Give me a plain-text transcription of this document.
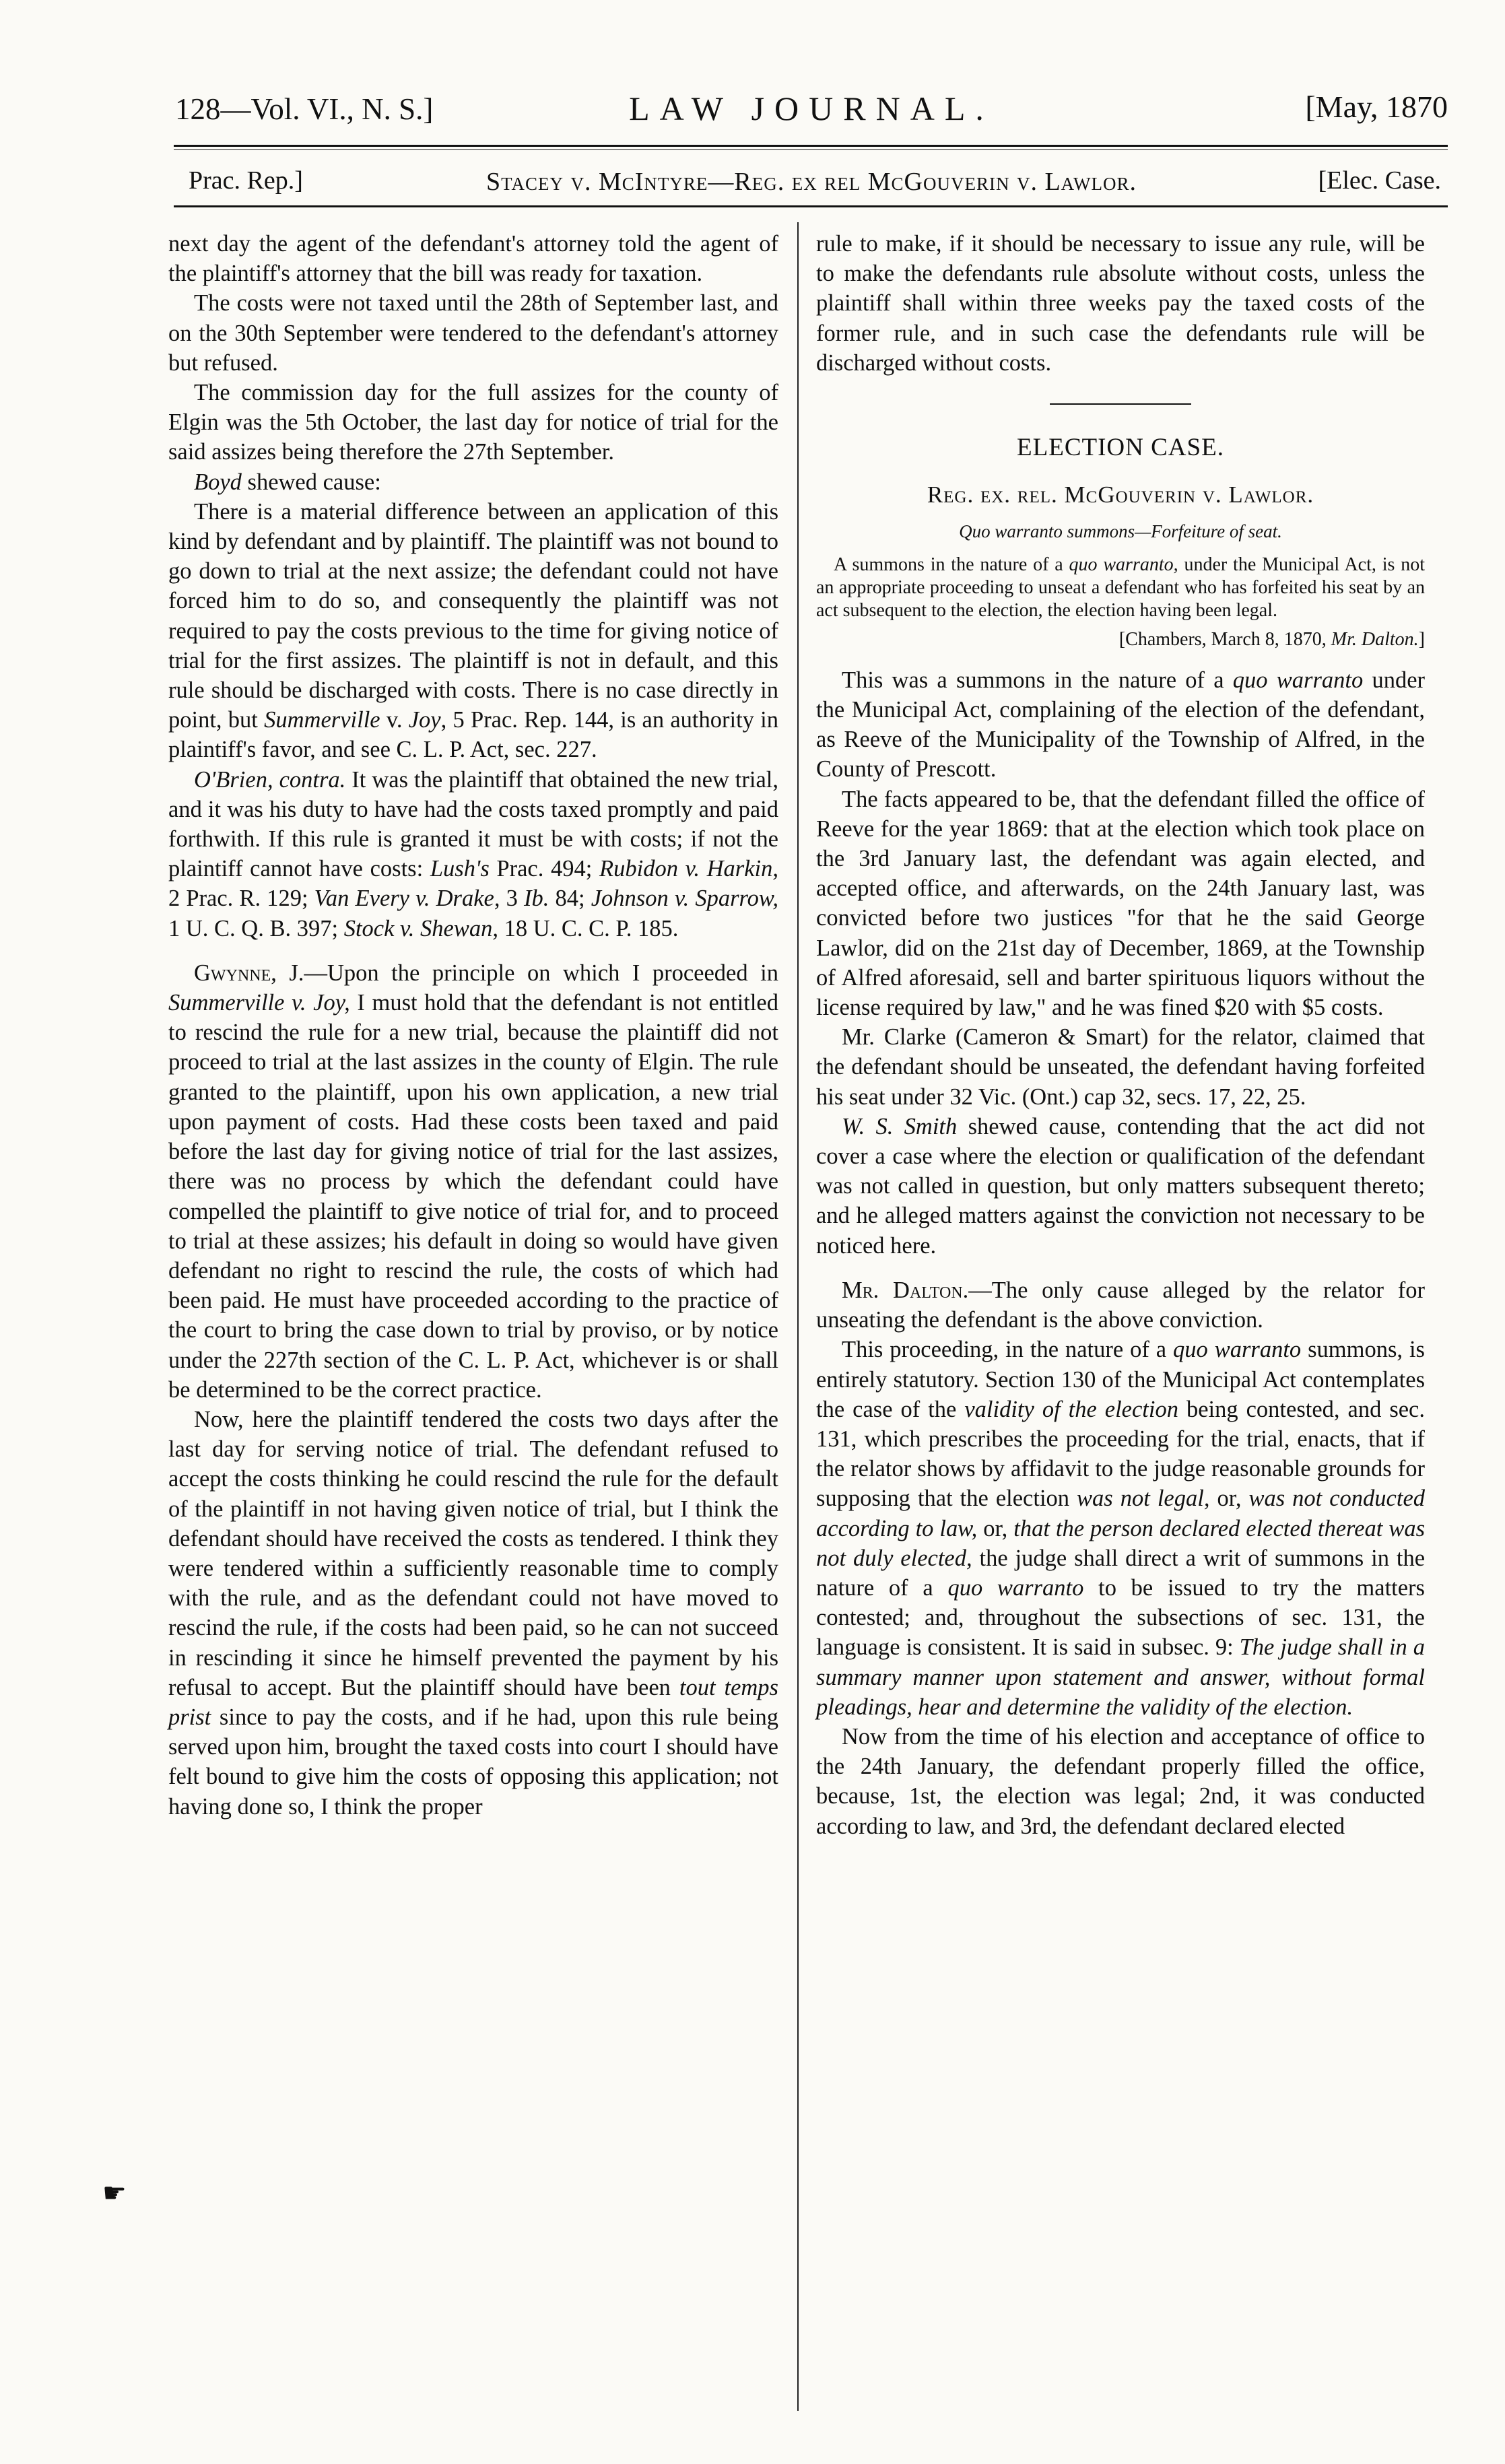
128—Vol. VI., N. S.]	LAW JOURNAL.	[May, 1870
Prac. Rep.]	Stacey v. McIntyre—Reg. ex rel McGouverin v. Lawlor.	[Elec. Case.

next day the agent of the defendant's attorney told the agent of the plaintiff's attorney that the bill was ready for taxation.

The costs were not taxed until the 28th of September last, and on the 30th September were tendered to the defendant's attorney but refused.

The commission day for the full assizes for the county of Elgin was the 5th October, the last day for notice of trial for the said assizes being therefore the 27th September.

Boyd shewed cause:

There is a material difference between an application of this kind by defendant and by plaintiff. The plaintiff was not bound to go down to trial at the next assize; the defendant could not have forced him to do so, and consequently the plaintiff was not required to pay the costs previous to the time for giving notice of trial for the first assizes. The plaintiff is not in default, and this rule should be discharged with costs. There is no case directly in point, but Summerville v. Joy, 5 Prac. Rep. 144, is an authority in plaintiff's favor, and see C. L. P. Act, sec. 227.

O'Brien, contra. It was the plaintiff that obtained the new trial, and it was his duty to have had the costs taxed promptly and paid forthwith. If this rule is granted it must be with costs; if not the plaintiff cannot have costs: Lush's Prac. 494; Rubidon v. Harkin, 2 Prac. R. 129; Van Every v. Drake, 3 Ib. 84; Johnson v. Sparrow, 1 U. C. Q. B. 397; Stock v. Shewan, 18 U. C. C. P. 185.

Gwynne, J.—Upon the principle on which I proceeded in Summerville v. Joy, I must hold that the defendant is not entitled to rescind the rule for a new trial, because the plaintiff did not proceed to trial at the last assizes in the county of Elgin. The rule granted to the plaintiff, upon his own application, a new trial upon payment of costs. Had these costs been taxed and paid before the last day for giving notice of trial for the last assizes, there was no process by which the defendant could have compelled the plaintiff to give notice of trial for, and to proceed to trial at these assizes; his default in doing so would have given defendant no right to rescind the rule, the costs of which had been paid. He must have proceeded according to the practice of the court to bring the case down to trial by proviso, or by notice under the 227th section of the C. L. P. Act, whichever is or shall be determined to be the correct practice.

Now, here the plaintiff tendered the costs two days after the last day for serving notice of trial. The defendant refused to accept the costs thinking he could rescind the rule for the default of the plaintiff in not having given notice of trial, but I think the defendant should have received the costs as tendered. I think they were tendered within a sufficiently reasonable time to comply with the rule, and as the defendant could not have moved to rescind the rule, if the costs had been paid, so he can not succeed in rescinding it since he himself prevented the payment by his refusal to accept. But the plaintiff should have been tout temps prist since to pay the costs, and if he had, upon this rule being served upon him, brought the taxed costs into court I should have felt bound to give him the costs of opposing this application; not having done so, I think the proper

☛

rule to make, if it should be necessary to issue any rule, will be to make the defendants rule absolute without costs, unless the plaintiff shall within three weeks pay the taxed costs of the former rule, and in such case the defendants rule will be discharged without costs.

ELECTION CASE.
Reg. ex. rel. McGouverin v. Lawlor.
Quo warranto summons—Forfeiture of seat.
A summons in the nature of a quo warranto, under the Municipal Act, is not an appropriate proceeding to unseat a defendant who has forfeited his seat by an act subsequent to the election, the election having been legal.
[Chambers, March 8, 1870, Mr. Dalton.]

This was a summons in the nature of a quo warranto under the Municipal Act, complaining of the election of the defendant, as Reeve of the Municipality of the Township of Alfred, in the County of Prescott.

The facts appeared to be, that the defendant filled the office of Reeve for the year 1869: that at the election which took place on the 3rd January last, the defendant was again elected, and accepted office, and afterwards, on the 24th January last, was convicted before two justices "for that he the said George Lawlor, did on the 21st day of December, 1869, at the Township of Alfred aforesaid, sell and barter spirituous liquors without the license required by law," and he was fined $20 with $5 costs.

Mr. Clarke (Cameron & Smart) for the relator, claimed that the defendant should be unseated, the defendant having forfeited his seat under 32 Vic. (Ont.) cap 32, secs. 17, 22, 25.

W. S. Smith shewed cause, contending that the act did not cover a case where the election or qualification of the defendant was not called in question, but only matters subsequent thereto; and he alleged matters against the conviction not necessary to be noticed here.

Mr. Dalton.—The only cause alleged by the relator for unseating the defendant is the above conviction.

This proceeding, in the nature of a quo warranto summons, is entirely statutory. Section 130 of the Municipal Act contemplates the case of the validity of the election being contested, and sec. 131, which prescribes the proceeding for the trial, enacts, that if the relator shows by affidavit to the judge reasonable grounds for supposing that the election was not legal, or, was not conducted according to law, or, that the person declared elected thereat was not duly elected, the judge shall direct a writ of summons in the nature of a quo warranto to be issued to try the matters contested; and, throughout the subsections of sec. 131, the language is consistent. It is said in subsec. 9: The judge shall in a summary manner upon statement and answer, without formal pleadings, hear and determine the validity of the election.

Now from the time of his election and acceptance of office to the 24th January, the defendant properly filled the office, because, 1st, the election was legal; 2nd, it was conducted according to law, and 3rd, the defendant declared elected
